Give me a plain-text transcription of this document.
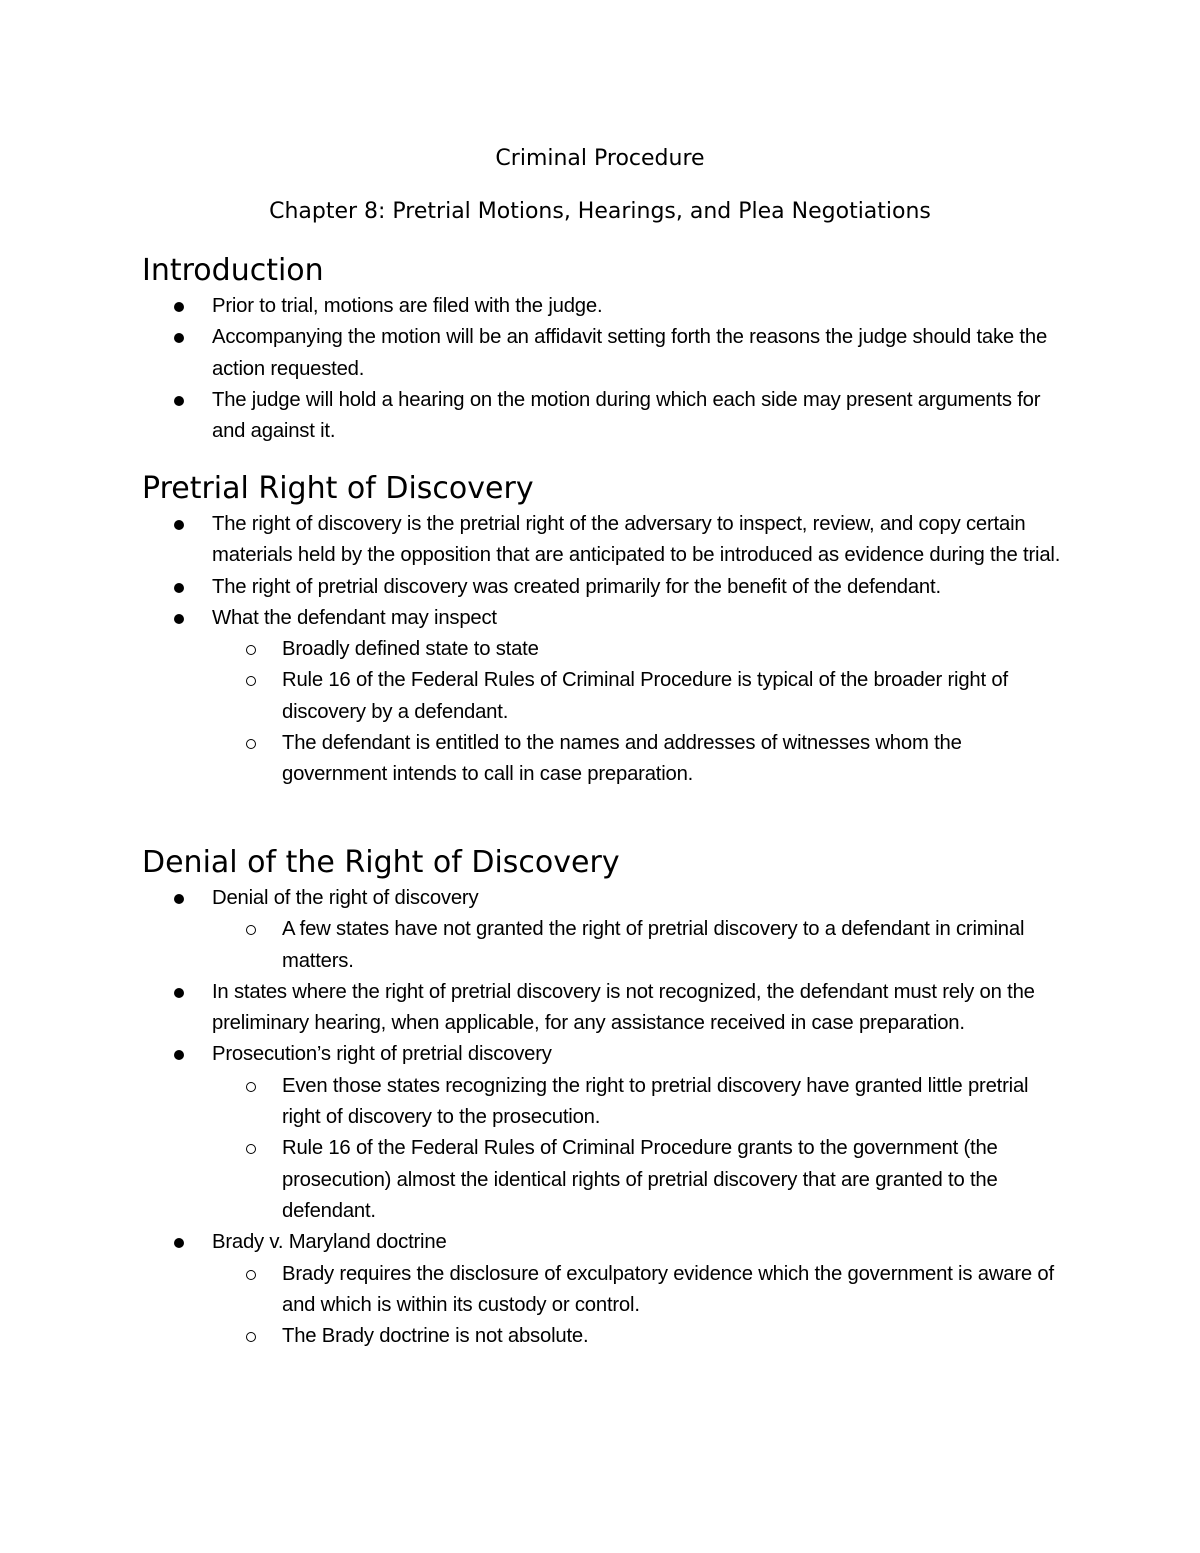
Criminal Procedure
Chapter 8: Pretrial Motions, Hearings, and Plea Negotiations
Introduction
Prior to trial, motions are filed with the judge.
Accompanying the motion will be an affidavit setting forth the reasons the judge should take the action requested.
The judge will hold a hearing on the motion during which each side may present arguments for and against it.
Pretrial Right of Discovery
The right of discovery is the pretrial right of the adversary to inspect, review, and copy certain materials held by the opposition that are anticipated to be introduced as evidence during the trial.
The right of pretrial discovery was created primarily for the benefit of the defendant.
What the defendant may inspect
Broadly defined state to state
Rule 16 of the Federal Rules of Criminal Procedure is typical of the broader right of discovery by a defendant.
The defendant is entitled to the names and addresses of witnesses whom the government intends to call in case preparation.
Denial of the Right of Discovery
Denial of the right of discovery
A few states have not granted the right of pretrial discovery to a defendant in criminal matters.
In states where the right of pretrial discovery is not recognized, the defendant must rely on the preliminary hearing, when applicable, for any assistance received in case preparation.
Prosecution’s right of pretrial discovery
Even those states recognizing the right to pretrial discovery have granted little pretrial right of discovery to the prosecution.
Rule 16 of the Federal Rules of Criminal Procedure grants to the government (the prosecution) almost the identical rights of pretrial discovery that are granted to the defendant.
Brady v. Maryland doctrine
Brady requires the disclosure of exculpatory evidence which the government is aware of and which is within its custody or control.
The Brady doctrine is not absolute.
